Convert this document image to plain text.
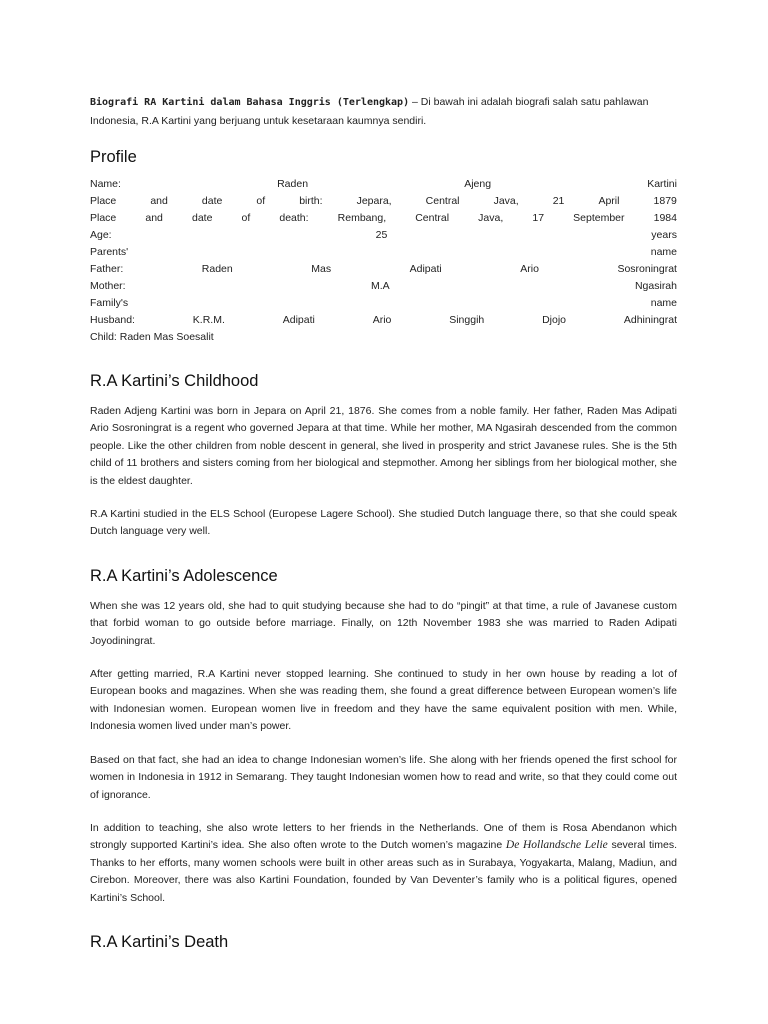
Biografi RA Kartini dalam Bahasa Inggris (Terlengkap) – Di bawah ini adalah biografi salah satu pahlawan Indonesia, R.A Kartini yang berjuang untuk kesetaraan kaumnya sendiri.

Profile
Name:	Raden	Ajeng	Kartini
Place	and	date	of	birth:	Jepara,	Central	Java,	21	April	1879
Place	and	date	of	death:	Rembang,	Central	Java,	17	September	1984
Age:	25	years
Parents'	name
Father:	Raden	Mas	Adipati	Ario	Sosroningrat
Mother:	M.A	Ngasirah
Family's	name
Husband:	K.R.M.	Adipati	Ario	Singgih	Djojo	Adhiningrat
Child: Raden Mas Soesalit
R.A Kartini’s Childhood

Raden Adjeng Kartini was born in Jepara on April 21, 1876. She comes from a noble family. Her father, Raden Mas Adipati Ario Sosroningrat is a regent who governed Jepara at that time. While her mother, MA Ngasirah descended from the common people. Like the other children from noble descent in general, she lived in prosperity and strict Javanese rules. She is the 5th child of 11 brothers and sisters coming from her biological and stepmother. Among her siblings from her biological mother, she is the eldest daughter.

R.A Kartini studied in the ELS School (Europese Lagere School). She studied Dutch language there, so that she could speak Dutch language very well.

R.A Kartini’s Adolescence

When she was 12 years old, she had to quit studying because she had to do “pingit” at that time, a rule of Javanese custom that forbid woman to go outside before marriage. Finally, on 12th November 1983 she was married to Raden Adipati Joyodiningrat.

After getting married, R.A Kartini never stopped learning. She continued to study in her own house by reading a lot of European books and magazines. When she was reading them, she found a great difference between European women’s life with Indonesian women. European women live in freedom and they have the same equivalent position with men. While, Indonesia women lived under man’s power.

Based on that fact, she had an idea to change Indonesian women’s life. She along with her friends opened the first school for women in Indonesia in 1912 in Semarang. They taught Indonesian women how to read and write, so that they could come out of ignorance.

In addition to teaching, she also wrote letters to her friends in the Netherlands. One of them is Rosa Abendanon which strongly supported Kartini’s idea. She also often wrote to the Dutch women’s magazine De Hollandsche Lelie several times. Thanks to her efforts, many women schools were built in other areas such as in Surabaya, Yogyakarta, Malang, Madiun, and Cirebon. Moreover, there was also Kartini Foundation, founded by Van Deventer’s family who is a political figures, opened Kartini’s School.

R.A Kartini’s Death
